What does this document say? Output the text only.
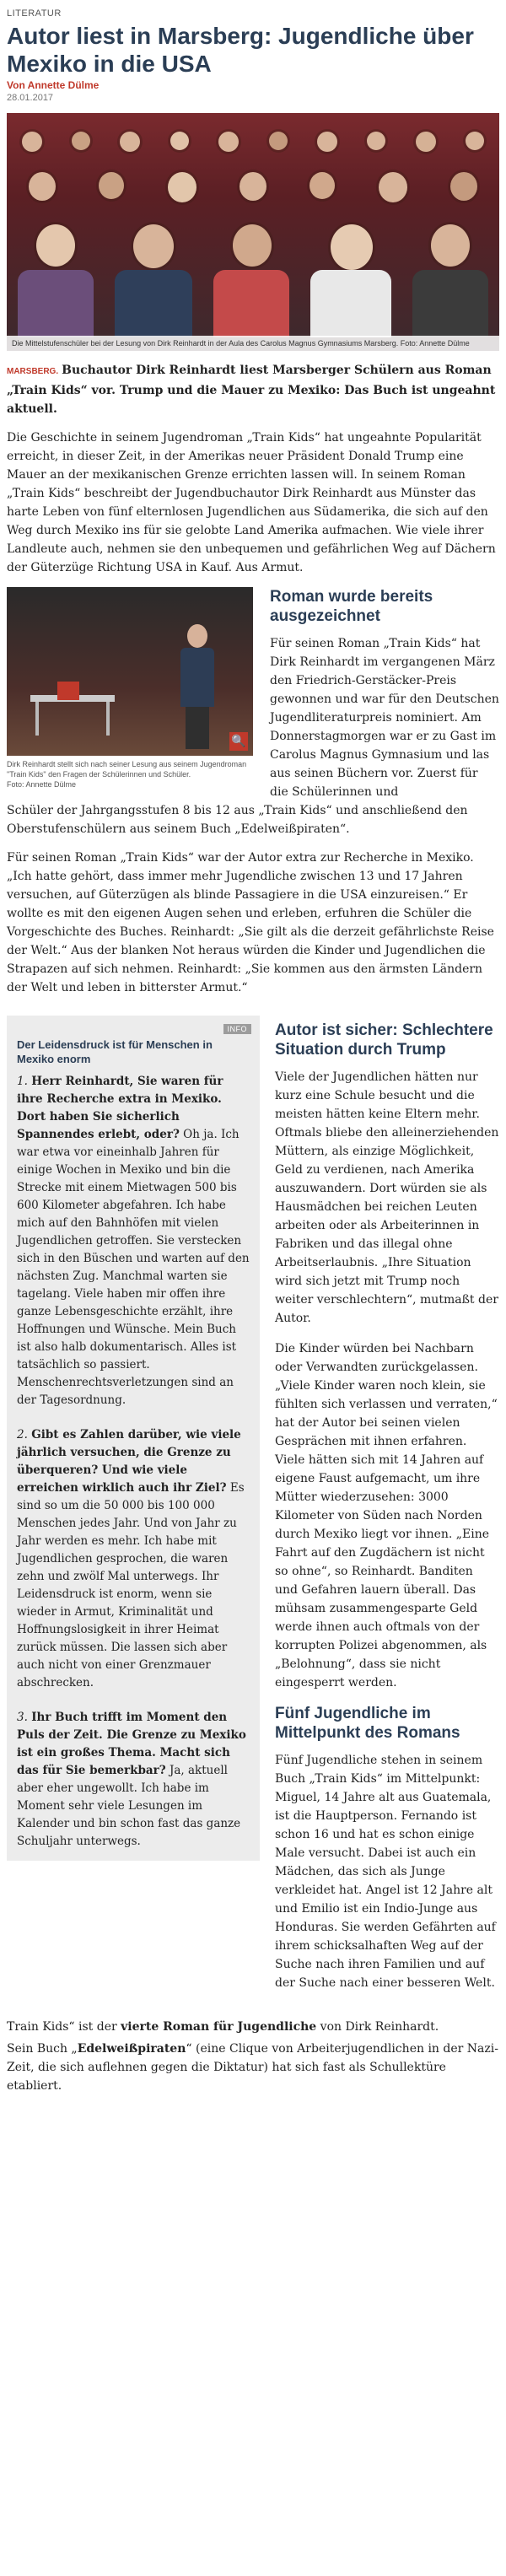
LITERATUR
Autor liest in Marsberg: Jugendliche über Mexiko in die USA
Von Annette Dülme
28.01.2017
Die Mittelstufenschüler bei der Lesung von Dirk Reinhardt in der Aula des Carolus Magnus Gymnasiums Marsberg. Foto: Annette Dülme
MARSBERG. Buchautor Dirk Reinhardt liest Marsberger Schülern aus Roman „Train Kids“ vor. Trump und die Mauer zu Mexiko: Das Buch ist ungeahnt aktuell.

Die Geschichte in seinem Jugendroman „Train Kids“ hat ungeahnte Popularität erreicht, in dieser Zeit, in der Amerikas neuer Präsident Donald Trump eine Mauer an der mexikanischen Grenze errichten lassen will. In seinem Roman „Train Kids“ beschreibt der Jugendbuchautor Dirk Reinhardt aus Münster das harte Leben von fünf elternlosen Jugendlichen aus Südamerika, die sich auf den Weg durch Mexiko ins für sie gelobte Land Amerika aufmachen. Wie viele ihrer Landleute auch, nehmen sie den unbequemen und gefährlichen Weg auf Dächern der Güterzüge Richtung USA in Kauf. Aus Armut.

🔍
Dirk Reinhardt stellt sich nach seiner Lesung aus seinem Jugendroman "Train Kids" den Fragen der Schülerinnen und Schüler.
Foto: Annette Dülme
Roman wurde bereits ausgezeichnet

Für seinen Roman „Train Kids“ hat Dirk Reinhardt im vergangenen März den Friedrich-Gerstäcker-Preis gewonnen und war für den Deutschen Jugendliteraturpreis nominiert. Am Donnerstagmorgen war er zu Gast im Carolus Magnus Gymnasium und las aus seinen Büchern vor. Zuerst für die Schülerinnen und

Schüler der Jahrgangsstufen 8 bis 12 aus „Train Kids“ und anschließend den Oberstufenschülern aus seinem Buch „Edelweißpiraten“.

Für seinen Roman „Train Kids“ war der Autor extra zur Recherche in Mexiko. „Ich hatte gehört, dass immer mehr Jugendliche zwischen 13 und 17 Jahren versuchen, auf Güterzügen als blinde Passagiere in die USA einzureisen.“ Er wollte es mit den eigenen Augen sehen und erleben, erfuhren die Schüler die Vorgeschichte des Buches. Reinhardt: „Sie gilt als die derzeit gefährlichste Reise der Welt.“ Aus der blanken Not heraus würden die Kinder und Jugendlichen die Strapazen auf sich nehmen. Reinhardt: „Sie kommen aus den ärmsten Ländern der Welt und leben in bitterster Armut.“

INFO
Der Leidensdruck ist für Menschen in Mexiko enorm
1. Herr Reinhardt, Sie waren für ihre Recherche extra in Mexiko. Dort haben Sie sicherlich Spannendes erlebt, oder? Oh ja. Ich war etwa vor eineinhalb Jahren für einige Wochen in Mexiko und bin die Strecke mit einem Mietwagen 500 bis 600 Kilometer abgefahren. Ich habe mich auf den Bahnhöfen mit vielen Jugendlichen getroffen. Sie verstecken sich in den Büschen und warten auf den nächsten Zug. Manchmal warten sie tagelang. Viele haben mir offen ihre ganze Lebensgeschichte erzählt, ihre Hoffnungen und Wünsche. Mein Buch ist also halb dokumentarisch. Alles ist tatsächlich so passiert. Menschenrechtsverletzungen sind an der Tagesordnung.
2. Gibt es Zahlen darüber, wie viele jährlich versuchen, die Grenze zu überqueren? Und wie viele erreichen wirklich auch ihr Ziel? Es sind so um die 50 000 bis 100 000 Menschen jedes Jahr. Und von Jahr zu Jahr werden es mehr. Ich habe mit Jugendlichen gesprochen, die waren zehn und zwölf Mal unterwegs. Ihr Leidensdruck ist enorm, wenn sie wieder in Armut, Kriminalität und Hoffnungslosigkeit in ihrer Heimat zurück müssen. Die lassen sich aber auch nicht von einer Grenzmauer abschrecken.
3. Ihr Buch trifft im Moment den Puls der Zeit. Die Grenze zu Mexiko ist ein großes Thema. Macht sich das für Sie bemerkbar? Ja, aktuell aber eher ungewollt. Ich habe im Moment sehr viele Lesungen im Kalender und bin schon fast das ganze Schuljahr unterwegs.
Autor ist sicher: Schlechtere Situation durch Trump

Viele der Jugendlichen hätten nur kurz eine Schule besucht und die meisten hätten keine Eltern mehr. Oftmals bliebe den alleinerziehenden Müttern, als einzige Möglichkeit, Geld zu verdienen, nach Amerika auszuwandern. Dort würden sie als Hausmädchen bei reichen Leuten arbeiten oder als Arbeiterinnen in Fabriken und das illegal ohne Arbeitserlaubnis. „Ihre Situation wird sich jetzt mit Trump noch weiter verschlechtern“, mutmaßt der Autor.

Die Kinder würden bei Nachbarn oder Verwandten zurückgelassen. „Viele Kinder waren noch klein, sie fühlten sich verlassen und verraten,“ hat der Autor bei seinen vielen Gesprächen mit ihnen erfahren. Viele hätten sich mit 14 Jahren auf eigene Faust aufgemacht, um ihre Mütter wiederzusehen: 3000 Kilometer von Süden nach Norden durch Mexiko liegt vor ihnen. „Eine Fahrt auf den Zugdächern ist nicht so ohne“, so Reinhardt. Banditen und Gefahren lauern überall. Das mühsam zusammengesparte Geld werde ihnen auch oftmals von der korrupten Polizei abgenommen, als „Belohnung“, dass sie nicht eingesperrt werden.

Fünf Jugendliche im Mittelpunkt des Romans

Fünf Jugendliche stehen in seinem Buch „Train Kids“ im Mittelpunkt: Miguel, 14 Jahre alt aus Guatemala, ist die Hauptperson. Fernando ist schon 16 und hat es schon einige Male versucht. Dabei ist auch ein Mädchen, das sich als Junge verkleidet hat. Angel ist 12 Jahre alt und Emilio ist ein Indio-Junge aus Honduras. Sie werden Gefährten auf ihrem schicksalhaften Weg auf der Suche nach ihren Familien und auf der Suche nach einer besseren Welt.

Train Kids“ ist der vierte Roman für Jugendliche von Dirk Reinhardt.

Sein Buch „Edelweißpiraten“ (eine Clique von Arbeiterjugendlichen in der Nazi-Zeit, die sich auflehnen gegen die Diktatur) hat sich fast als Schullektüre etabliert.
